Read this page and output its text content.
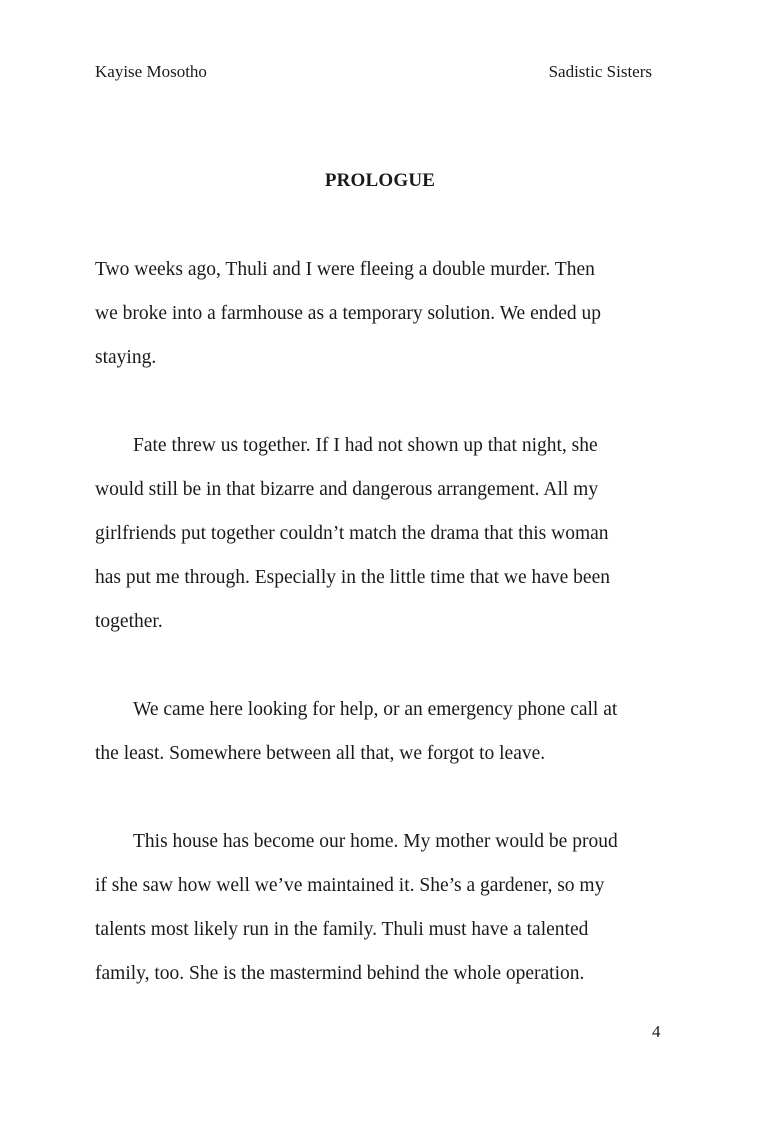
Kayise Mosotho	Sadistic Sisters
PROLOGUE
Two weeks ago, Thuli and I were fleeing a double murder. Then
we broke into a farmhouse as a temporary solution. We ended up
staying.
Fate threw us together. If I had not shown up that night, she
would still be in that bizarre and dangerous arrangement. All my
girlfriends put together couldn’t match the drama that this woman
has put me through. Especially in the little time that we have been
together.
We came here looking for help, or an emergency phone call at
the least. Somewhere between all that, we forgot to leave.
This house has become our home. My mother would be proud
if she saw how well we’ve maintained it. She’s a gardener, so my
talents most likely run in the family. Thuli must have a talented
family, too. She is the mastermind behind the whole operation.
4
